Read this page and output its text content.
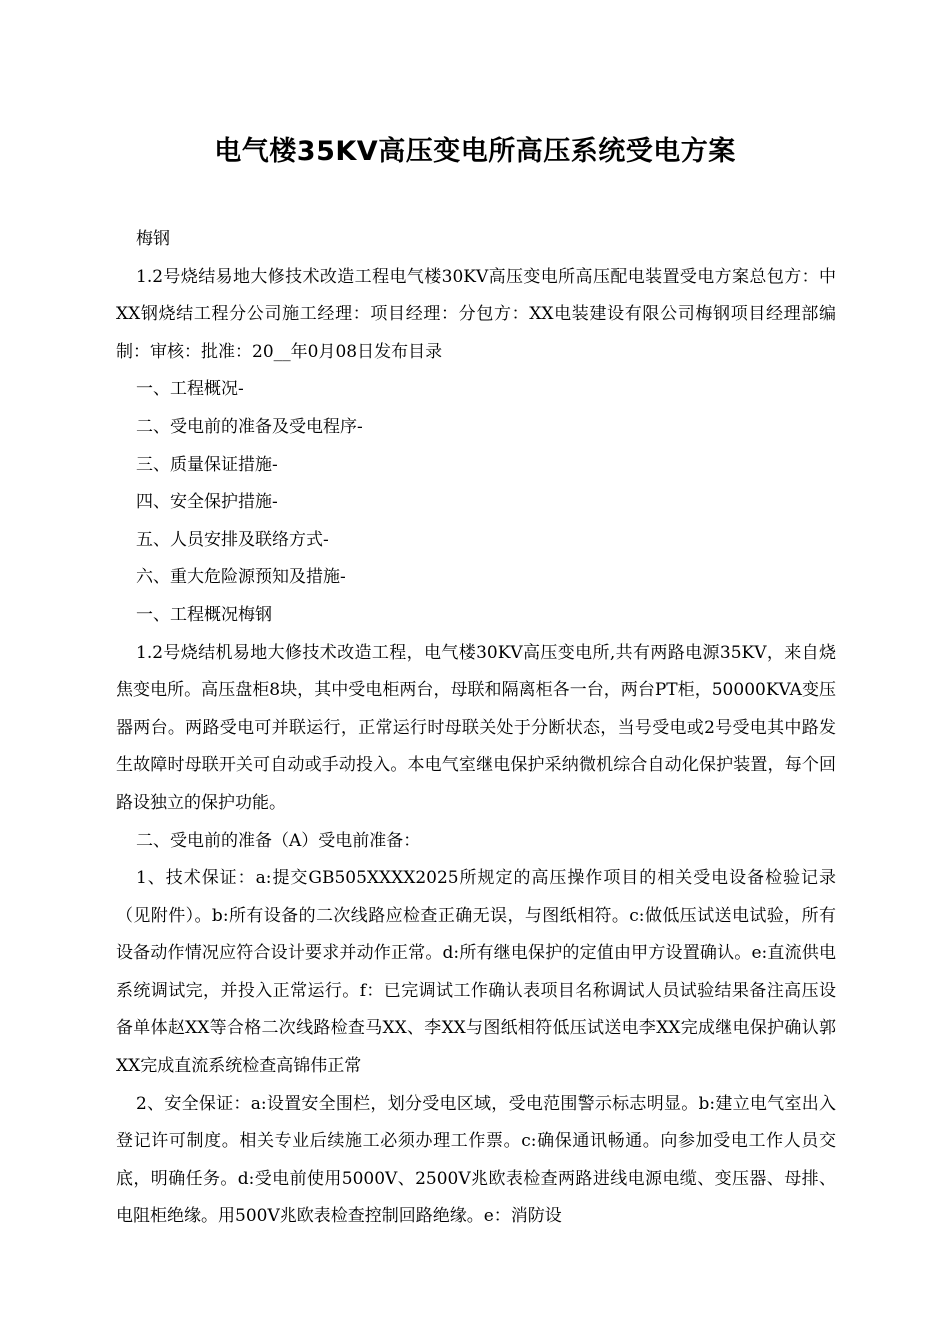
电气楼35KV高压变电所高压系统受电方案

梅钢

1.2号烧结易地大修技术改造工程电气楼30KV高压变电所高压配电装置受电方案总包方：中XX钢烧结工程分公司施工经理：项目经理：分包方：XX电装建设有限公司梅钢项目经理部编制：审核：批准：20__年0月08日发布目录

一、工程概况-

二、受电前的准备及受电程序-

三、质量保证措施-

四、安全保护措施-

五、人员安排及联络方式-

六、重大危险源预知及措施-

一、工程概况梅钢

1.2号烧结机易地大修技术改造工程，电气楼30KV高压变电所,共有两路电源35KV，来自烧焦变电所。高压盘柜8块，其中受电柜两台，母联和隔离柜各一台，两台PT柜，50000KVA变压器两台。两路受电可并联运行，正常运行时母联关处于分断状态，当号受电或2号受电其中路发生故障时母联开关可自动或手动投入。本电气室继电保护采纳微机综合自动化保护装置，每个回路设独立的保护功能。

二、受电前的准备（A）受电前准备：

1、技术保证：a:提交GB505XXXX2025所规定的高压操作项目的相关受电设备检验记录（见附件）。b:所有设备的二次线路应检查正确无误，与图纸相符。c:做低压试送电试验，所有设备动作情况应符合设计要求并动作正常。d:所有继电保护的定值由甲方设置确认。e:直流供电系统调试完，并投入正常运行。f：已完调试工作确认表项目名称调试人员试验结果备注高压设备单体赵XX等合格二次线路检查马XX、李XX与图纸相符低压试送电李XX完成继电保护确认郭XX完成直流系统检查高锦伟正常

2、安全保证：a:设置安全围栏，划分受电区域，受电范围警示标志明显。b:建立电气室出入登记许可制度。相关专业后续施工必须办理工作票。c:确保通讯畅通。向参加受电工作人员交底，明确任务。d:受电前使用5000V、2500V兆欧表检查两路进线电源电缆、变压器、母排、电阻柜绝缘。用500V兆欧表检查控制回路绝缘。e：消防设
